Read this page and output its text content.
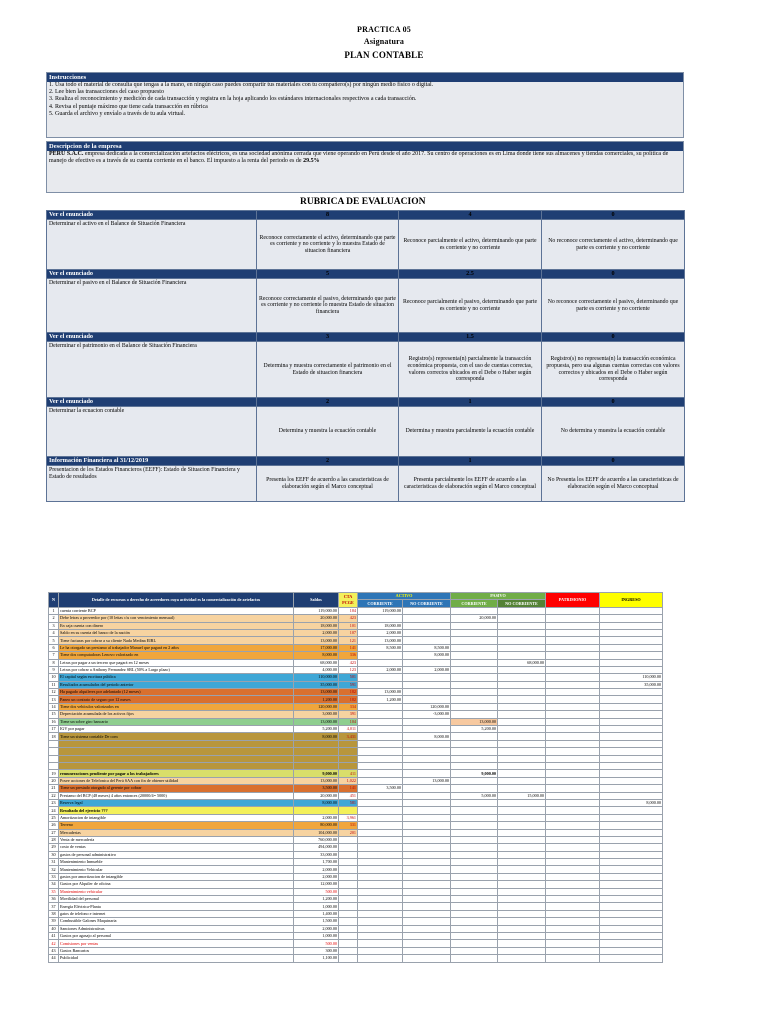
PRACTICA 05
Asignatura
PLAN CONTABLE
Instrucciones
1. Usa todo el material de consulta que tengas a la mano, en ningún caso puedes compartir tus materiales con tu compañero(s) por ningún medio físico o digital.
2. Lee bien las transacciones del caso propuesto
3. Realiza el reconocimiento y medición de cada transacción y registra en la hoja aplicando los estándares internacionales respectivos a cada transacción.
4. Revisa el puntaje máximo que tiene cada transacción en rúbrica
5. Guarda el archivo y envíalo a través de tu aula virtual.
Descripcion de la empresa
PERU S.A.C. empresa dedicada a la comercialización artefactos eléctricos, es una sociedad anónima cerrada que viene operando en Perú desde el año 2017. Su centro de operaciones es en Lima donde tiene sus almacenes y tiendas comerciales, su política de manejo de efectivo es a través de su cuenta corriente en el banco. El impuesto a la renta del periodo es de 29.5%
RUBRICA DE EVALUACION
Ver el enunciado	8	4	0
Determinar el activo en el Balance de Situación Financiera	Reconoce correctamente el activo, determinando que parte es corriente y no corriente y lo muestra Estado de situacion financiera	Reconoce parcialmente el activo, determinando que parte es corriente y no corriente	No reconoce correctamente el activo, determinando que parte es corriente y no corriente
Ver el enunciado	5	2.5	0
Determinar el pasivo en el Balance de Situación Financiera	Reconoce correctamente el pasivo, determinando que parte es corriente y no corriente lo muestra Estado de situacion financiera	Reconoce parcialmente el pasivo, determinando que parte es corriente y no corriente	No reconoce correctamente el pasivo, determinando que parte es corriente y no corriente
Ver el enunciado	3	1.5	0
Determinar el patrimonio en el Balance de Situación Financiera	Determina y muestra correctamente el patrimonio en el Estado de situacion financiera	Registro(s) representa(n) parcialmente la transacción económica propuesta, con el uso de cuentas correctas, valores correctos ubicados en el Debe o Haber según corresponda	Registro(s) no representa(n) la transacción económica propuesta, pero usa algunas cuentas correctas con valores correctos y ubicados en el Debe o Haber según corresponda
Ver el enunciado	2	1	0
Determinar la ecuacion contable	Determina y muestra la ecuación contable	Determina y muestra parcialmente la ecuación contable	No determina y muestra la ecuación contable
Información Financiera al 31/12/2019	2	1	0
Presentacion de los Estados Financieros (EEFF): Estado de Situacion Financiera y Estado de resultados	Presenta los EEFF de acuerdo a las caracteristicas de elaboración según el Marco conceptual	Presenta parcialmente los EEFF de acuerdo a las caracteristicas de elaboración según el Marco conceptual	No Presenta los EEFF de acuerdo a las caracteristicas de elaboración según el Marco conceptual
N	Detalle de recursos o derecho de acreedores cuya actividad es la comercialización de artefactos	Saldos	CTA PCGE	ACTIVO		PASIVO		PATRIMONIO	INGRESO
				CORRIENTE	NO CORRIENTE	CORRIENTE	NO CORRIENTE		
1	cuenta corriente BCP	119,000.00	104	119,000.00					
2	Debe letras a proveedor por (10 lettas c/u con vencimiento mensual)	20,000.00	423			20,000.00			
3	En caja cuenta con dinero	18,000.00	101	18,000.00					
4	Saldo en su cuenta del banco de la nación	2,000.00	107	2,000.00					
5	Tiene facturas por cobrar a su cliente Nada Medina EIRL	13,000.00	121	13,000.00					
6	Le ha otorgado un prestamo al trabajador Manuel que pagará en 2 años	17,000.00	141	8,500.00	8,500.00				
7	Tiene dos computadoras Lenovo valorizado en	8,000.00	336		8,000.00				
8	Letras por pagar a un tercero que pagará en 12 meses	68,000.00	423				68,000.00		
9	Letras por cobrar a Anthony Fernandez SRL (50% a Largo plazo)	4,000.00	123	2,000.00	2,000.00				
10	El capital según escritura pública	110,000.00	501						110,000.00
11	Resultados acumulados del periodo anterior	35,000.00	591						35,000.00
12	Ha pagado alquileres por adelantado (12 meses)	13,000.00	182	13,000.00					
13	Paneo un contrato de seguro por 12 meses	1,200.00	182	1,200.00					
14	Tiene dos vehículos valorizados en	120,000.00	334		120,000.00				
15	Depreciación acumulada de los activos fijos	3,000.00	391		-3,000.00				
16	Tiene un sobre giro bancario	13,000.00	104			13,000.00			
17	IGV por pagar	5,200.00	4,011			5,200.00			
18	Tiene un sistema contable De com	8,000.00	3,431		8,000.00				

19	remuneraciones pendiente por pagar a los trabajadores	9,000.00	411			9,000.00			
20	Posee acciones de Telefonica del Perú SAA con fin de obtener utilidad	13,000.00	1,022		13,000.00				
21	Tiene un prestado otorgado al gerente por cobrar	3,500.00	141	3,500.00					
22	Prestamo del BCP (48 meses) 4 años entonces (20000/4= 5000)	20,000.00	451			5,000.00	15,000.00		
23	Reserva legal	8,000.00	581						8,000.00
24	Resultado del ejercicio ???								
25	Amortizacion de intangible	2,000.00	3,961						
26	Terreno	80,000.00	331						
27	Mercaderias	104,000.00	201						
28	Venta de mercadería	760,000.00							
29	costo de ventas	494,000.00							
30	gastos de personal administrativo	33,000.00							
31	Mantenimiento Inmueble	1,700.00							
32	Mantenimiento Vehicular	2,000.00							
33	gastos por amortizacion de intangible	2,000.00							
34	Gastos por Alquiler de oficina	12,000.00							
35	Mantenimiento vehicular	500.00							
36	Movilidad del personal	1,200.00							
37	Energía Eléctrica-Planta	1,000.00							
38	gatos de telefono e internet	1,400.00							
39	Combustible Galones Maquinaria	1,500.00							
40	Sanciones Administrativas	2,000.00							
41	Gastos por agasajo al personal	1,000.00							
42	Comisiones por ventas	500.00							
43	Gastos Bancarios	300.00							
44	Publicidad	1,100.00							
